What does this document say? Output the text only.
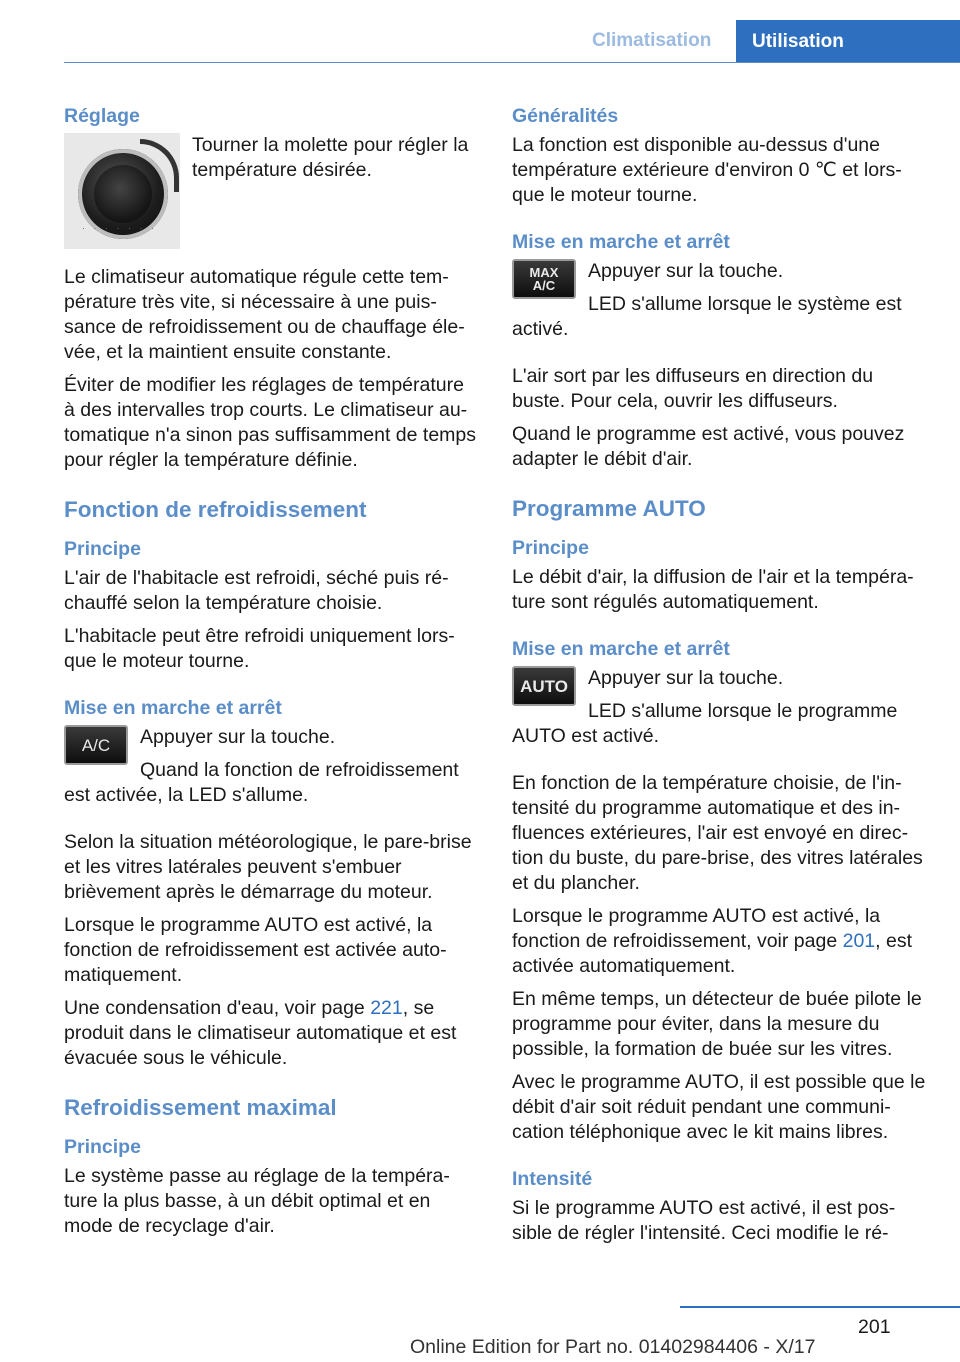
Climatisation Utilisation
Réglage
· · · · · · ·

Tourner la molette pour régler la température désirée.

Le climatiseur automatique régule cette tem-pérature très vite, si nécessaire à une puis-sance de refroidissement ou de chauffage éle-vée, et la maintient ensuite constante.

Éviter de modifier les réglages de température à des intervalles trop courts. Le climatiseur au-tomatique n'a sinon pas suffisamment de temps pour régler la température définie.

Fonction de refroidissement
Principe

L'air de l'habitacle est refroidi, séché puis ré-chauffé selon la température choisie.

L'habitacle peut être refroidi uniquement lors-que le moteur tourne.

Mise en marche et arrêt
A/C	Appuyer sur la touche.

Quand la fonction de refroidissement est activée, la LED s'allume.

Selon la situation météorologique, le pare-brise et les vitres latérales peuvent s'embuer brièvement après le démarrage du moteur.

Lorsque le programme AUTO est activé, la fonction de refroidissement est activée auto-matiquement.

Une condensation d'eau, voir page 221, se produit dans le climatiseur automatique et est évacuée sous le véhicule.

Refroidissement maximal
Principe

Le système passe au réglage de la tempéra-ture la plus basse, à un débit optimal et en mode de recyclage d'air.

Généralités

La fonction est disponible au-dessus d'une température extérieure d'environ 0 ℃ et lors-que le moteur tourne.

Mise en marche et arrêt
MAX
A/C

Appuyer sur la touche.

LED s'allume lorsque le système est activé.

L'air sort par les diffuseurs en direction du buste. Pour cela, ouvrir les diffuseurs.

Quand le programme est activé, vous pouvez adapter le débit d'air.

Programme AUTO
Principe

Le débit d'air, la diffusion de l'air et la tempéra-ture sont régulés automatiquement.

Mise en marche et arrêt
AUTO	Appuyer sur la touche.

LED s'allume lorsque le programme AUTO est activé.

En fonction de la température choisie, de l'in-tensité du programme automatique et des in-fluences extérieures, l'air est envoyé en direc-tion du buste, du pare-brise, des vitres latérales et du plancher.

Lorsque le programme AUTO est activé, la fonction de refroidissement, voir page 201, est activée automatiquement.

En même temps, un détecteur de buée pilote le programme pour éviter, dans la mesure du possible, la formation de buée sur les vitres.

Avec le programme AUTO, il est possible que le débit d'air soit réduit pendant une communi-cation téléphonique avec le kit mains libres.

Intensité

Si le programme AUTO est activé, il est pos-sible de régler l'intensité. Ceci modifie le ré-

201
Online Edition for Part no. 01402984406 - X/17
